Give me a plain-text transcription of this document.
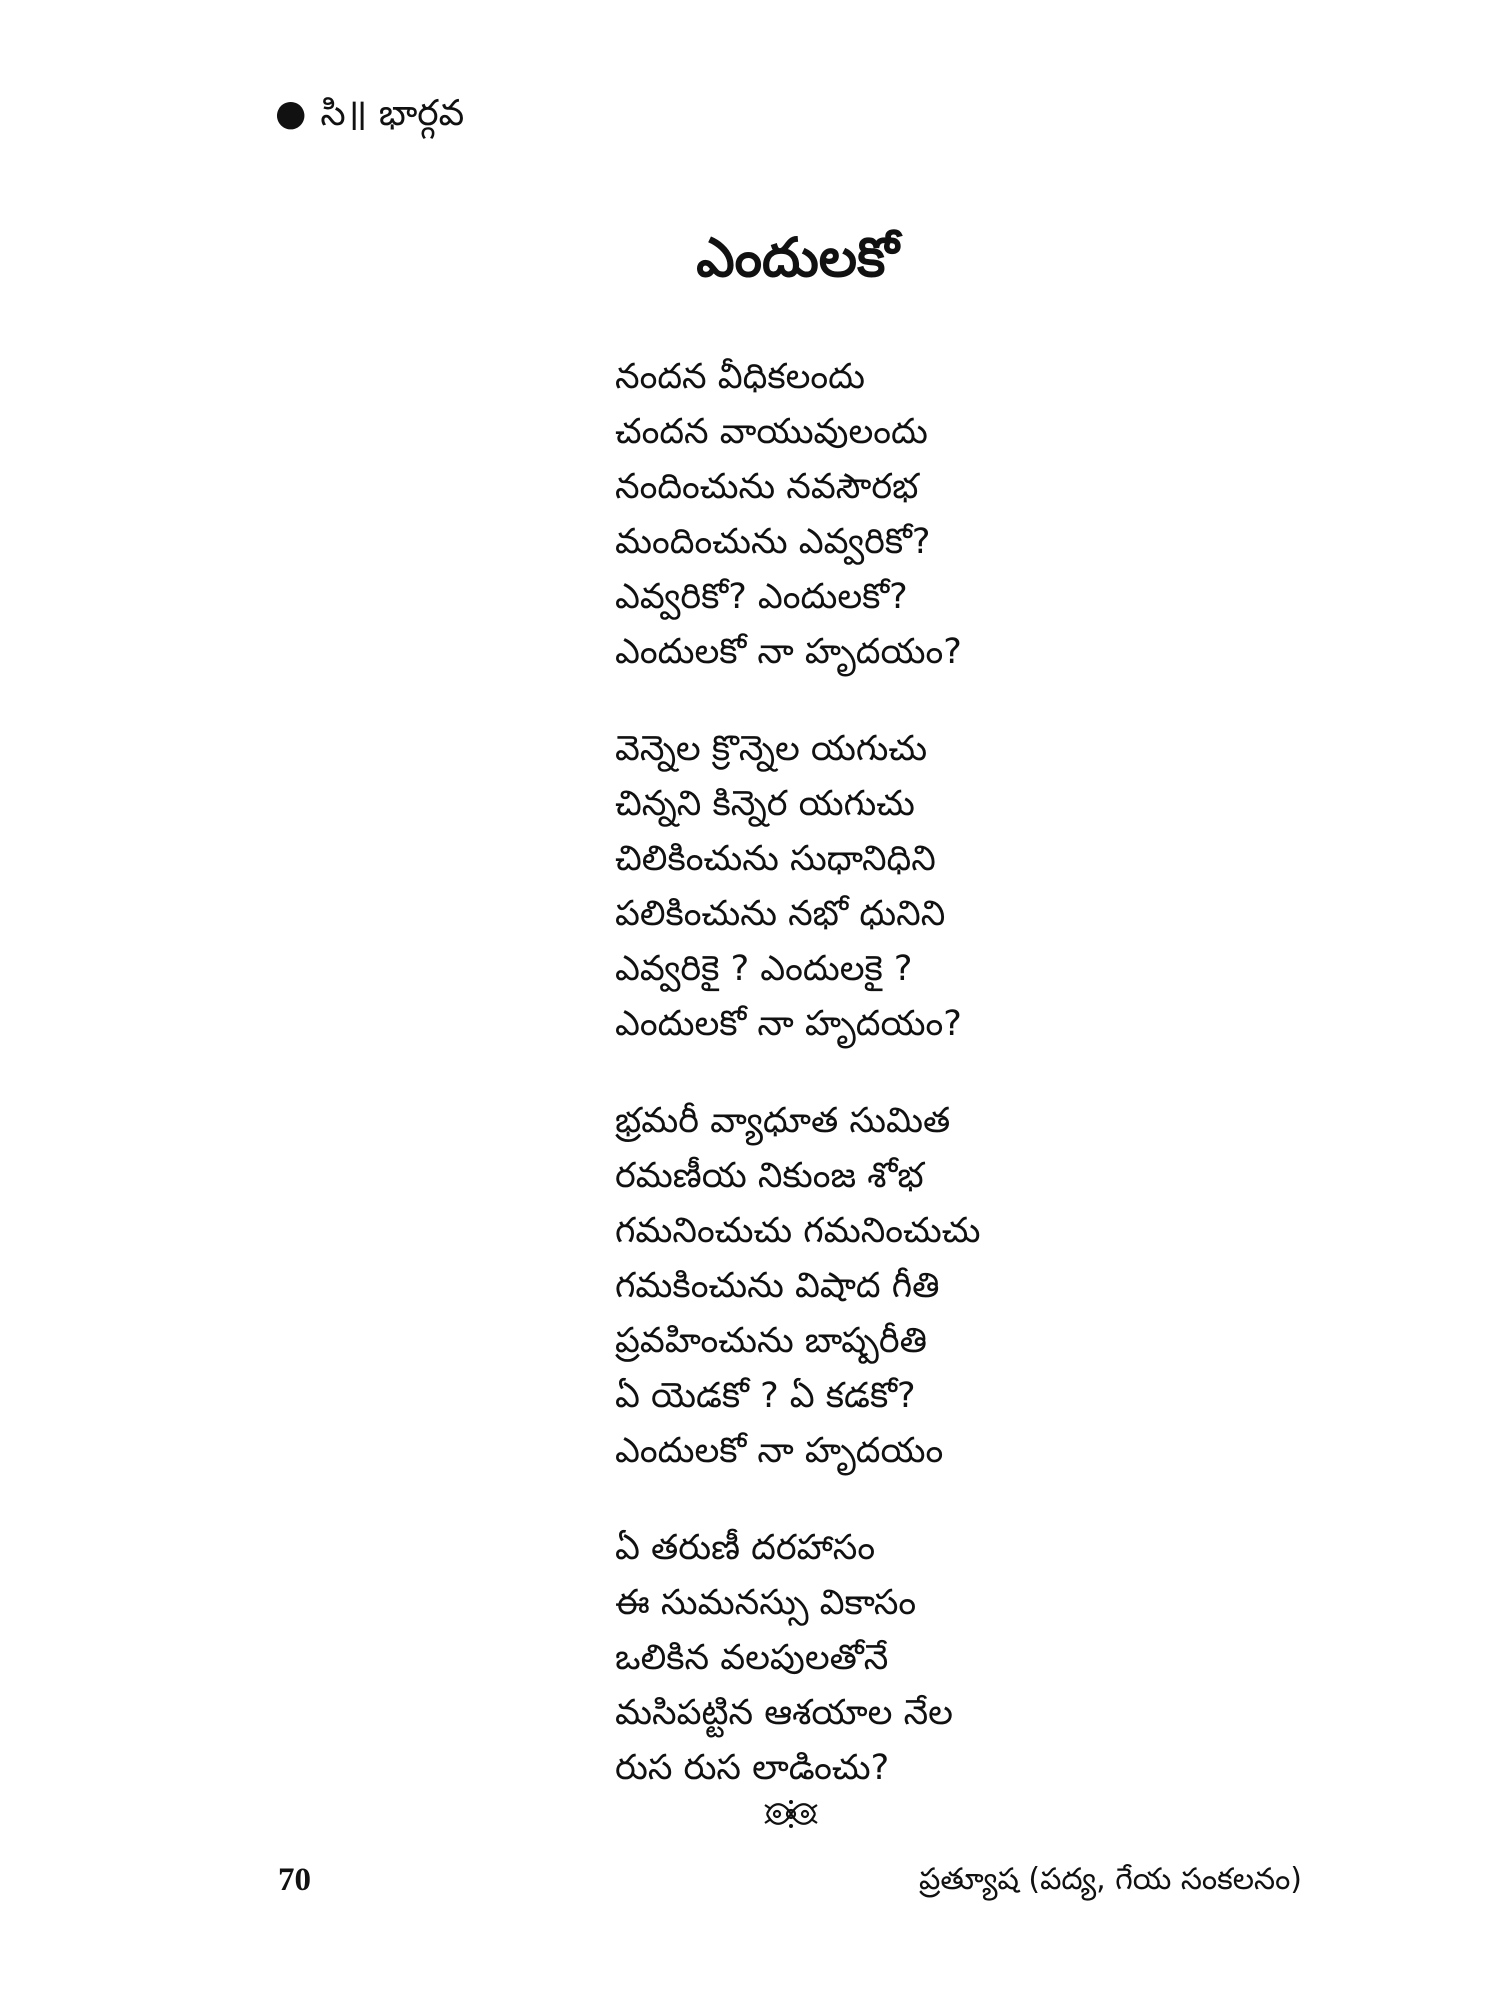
● సి॥ భార్గవ
ఎందులకో
నందన వీధికలందు
చందన వాయువులందు
నందించును నవసౌరభ
మందించును ఎవ్వరికో?
ఎవ్వరికో? ఎందులకో?
ఎందులకో నా హృదయం?
వెన్నెల క్రొన్నెల యగుచు
చిన్నని కిన్నెర యగుచు
చిలికించును సుధానిధిని
పలికించును నభో ధునిని
ఎవ్వరికై ? ఎందులకై ?
ఎందులకో నా హృదయం?
భ్రమరీ వ్యాధూత సుమిత
రమణీయ నికుంజ శోభ
గమనించుచు గమనించుచు
గమకించును విషాద గీతి
ప్రవహించును బాష్పరీతి
ఏ యెడకో ? ఏ కడకో?
ఎందులకో నా హృదయం
ఏ తరుణీ దరహాసం
ఈ సుమనస్సు వికాసం
ఒలికిన వలపులతోనే
మసిపట్టిన ఆశయాల నేల
రుస రుస లాడించు?
70	ప్రత్యూష (పద్య, గేయ సంకలనం)
